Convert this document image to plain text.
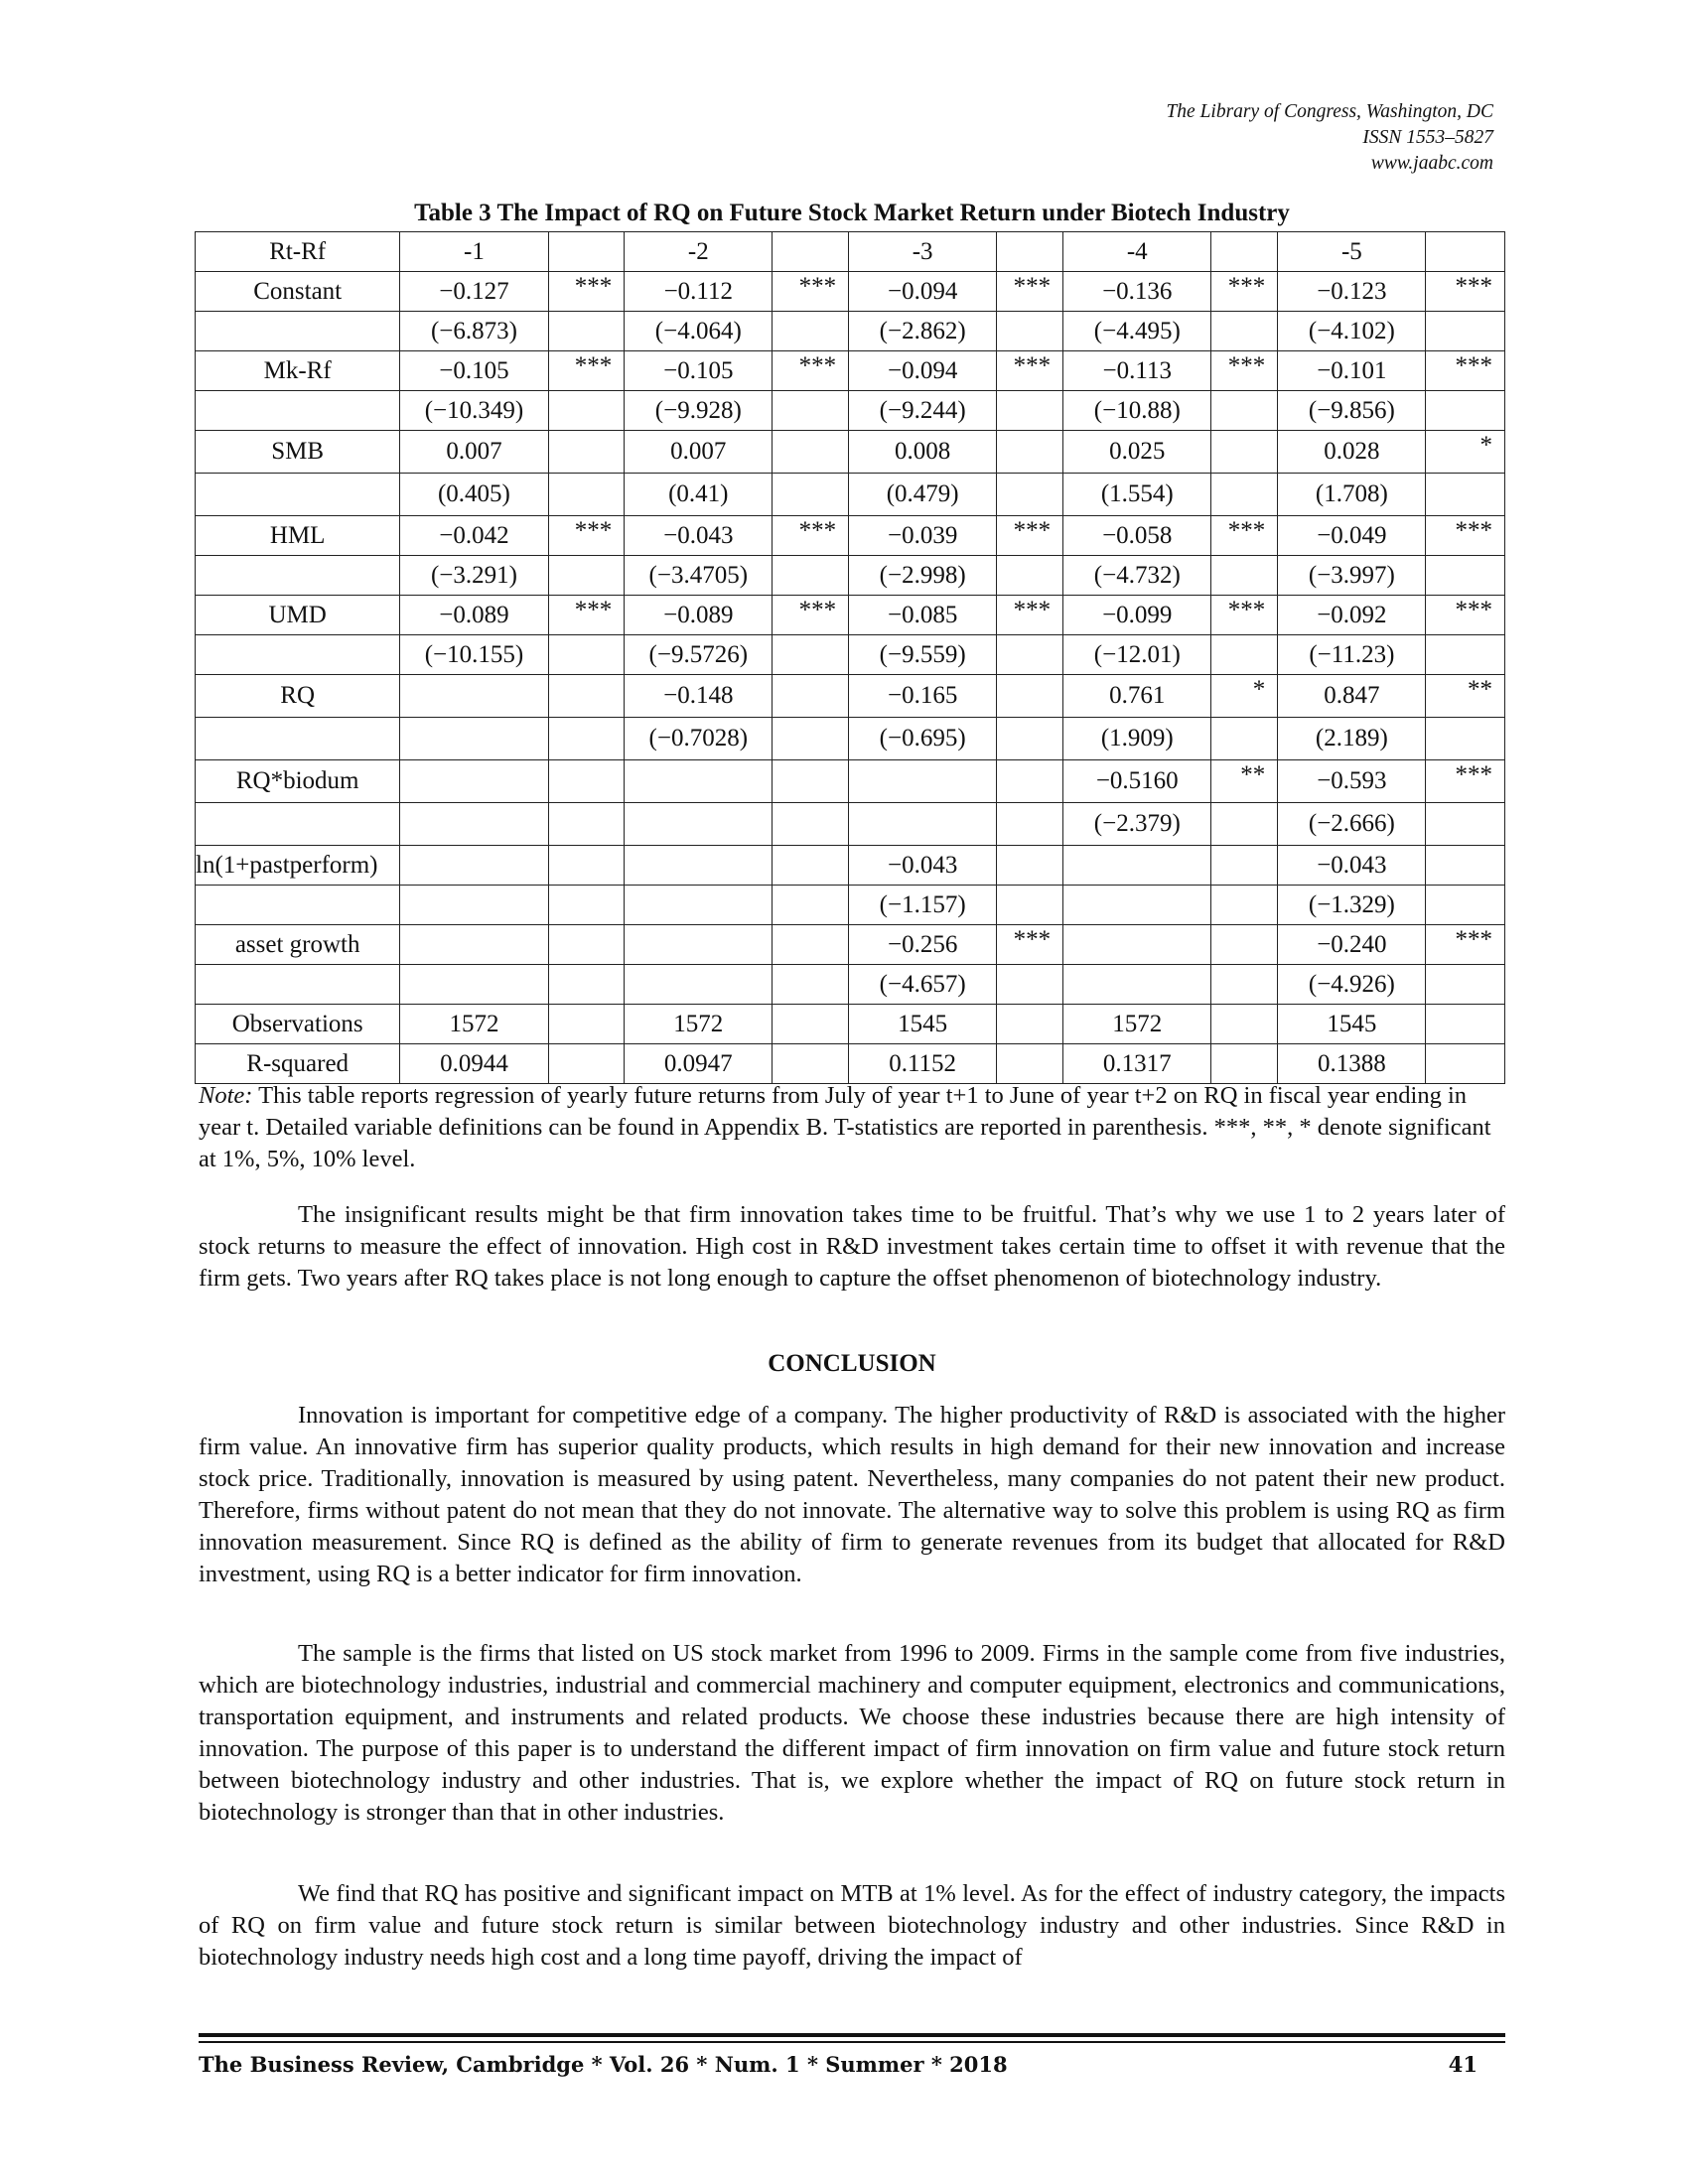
The Library of Congress, Washington, DC
ISSN 1553–5827
www.jaabc.com
Table 3 The Impact of RQ on Future Stock Market Return under Biotech Industry
Rt-Rf	-1		-2		-3		-4		-5	
Constant	−0.127	***	−0.112	***	−0.094	***	−0.136	***	−0.123	***
	(−6.873)		(−4.064)		(−2.862)		(−4.495)		(−4.102)	
Mk-Rf	−0.105	***	−0.105	***	−0.094	***	−0.113	***	−0.101	***
	(−10.349)		(−9.928)		(−9.244)		(−10.88)		(−9.856)	
SMB	0.007		0.007		0.008		0.025		0.028	*
	(0.405)		(0.41)		(0.479)		(1.554)		(1.708)	
HML	−0.042	***	−0.043	***	−0.039	***	−0.058	***	−0.049	***
	(−3.291)		(−3.4705)		(−2.998)		(−4.732)		(−3.997)	
UMD	−0.089	***	−0.089	***	−0.085	***	−0.099	***	−0.092	***
	(−10.155)		(−9.5726)		(−9.559)		(−12.01)		(−11.23)	
RQ			−0.148		−0.165		0.761	*	0.847	**
			(−0.7028)		(−0.695)		(1.909)		(2.189)	
RQ*biodum							−0.5160	**	−0.593	***
							(−2.379)		(−2.666)	
ln(1+pastperform)					−0.043				−0.043	
					(−1.157)				(−1.329)	
asset growth					−0.256	***			−0.240	***
					(−4.657)				(−4.926)	
Observations	1572		1572		1545		1572		1545	
R-squared	0.0944		0.0947		0.1152		0.1317		0.1388	
Note: This table reports regression of yearly future returns from July of year t+1 to June of year t+2 on RQ in fiscal year ending in year t. Detailed variable definitions can be found in Appendix B. T-statistics are reported in parenthesis. ***, **, * denote significant at 1%, 5%, 10% level.

The insignificant results might be that firm innovation takes time to be fruitful. That’s why we use 1 to 2 years later of stock returns to measure the effect of innovation. High cost in R&D investment takes certain time to offset it with revenue that the firm gets. Two years after RQ takes place is not long enough to capture the offset phenomenon of biotechnology industry.

CONCLUSION

Innovation is important for competitive edge of a company. The higher productivity of R&D is associated with the higher firm value. An innovative firm has superior quality products, which results in high demand for their new innovation and increase stock price. Traditionally, innovation is measured by using patent. Nevertheless, many companies do not patent their new product. Therefore, firms without patent do not mean that they do not innovate. The alternative way to solve this problem is using RQ as firm innovation measurement. Since RQ is defined as the ability of firm to generate revenues from its budget that allocated for R&D investment, using RQ is a better indicator for firm innovation.

The sample is the firms that listed on US stock market from 1996 to 2009. Firms in the sample come from five industries, which are biotechnology industries, industrial and commercial machinery and computer equipment, electronics and communications, transportation equipment, and instruments and related products. We choose these industries because there are high intensity of innovation. The purpose of this paper is to understand the different impact of firm innovation on firm value and future stock return between biotechnology industry and other industries. That is, we explore whether the impact of RQ on future stock return in biotechnology is stronger than that in other industries.

We find that RQ has positive and significant impact on MTB at 1% level. As for the effect of industry category, the impacts of RQ on firm value and future stock return is similar between biotechnology industry and other industries. Since R&D in biotechnology industry needs high cost and a long time payoff, driving the impact of

The Business Review, Cambridge * Vol. 26 * Num. 1 * Summer * 2018	41
